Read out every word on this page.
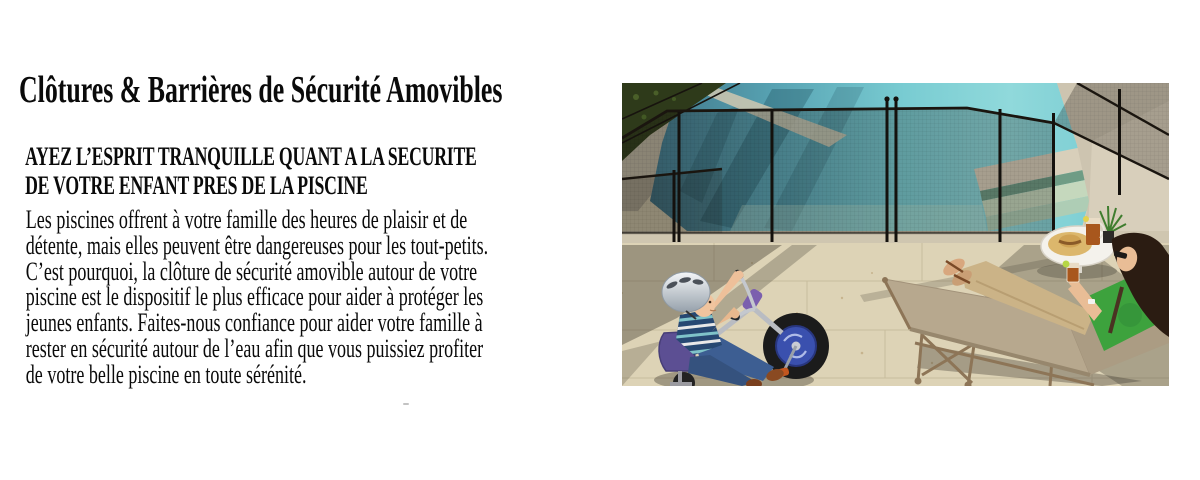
Clôtures & Barrières de Sécurité Amovibles
AYEZ L’ESPRIT TRANQUILLE QUANT A LA SECURITE
DE VOTRE ENFANT PRES DE LA PISCINE

Les piscines offrent à votre famille des heures de plaisir et de
détente, mais elles peuvent être dangereuses pour les tout-petits.
C’est pourquoi, la clôture de sécurité amovible autour de votre
piscine est le dispositif le plus efficace pour aider à protéger les
jeunes enfants. Faites-nous confiance pour aider votre famille à
rester en sécurité autour de l’eau afin que vous puissiez profiter
de votre belle piscine en toute sérénité.
